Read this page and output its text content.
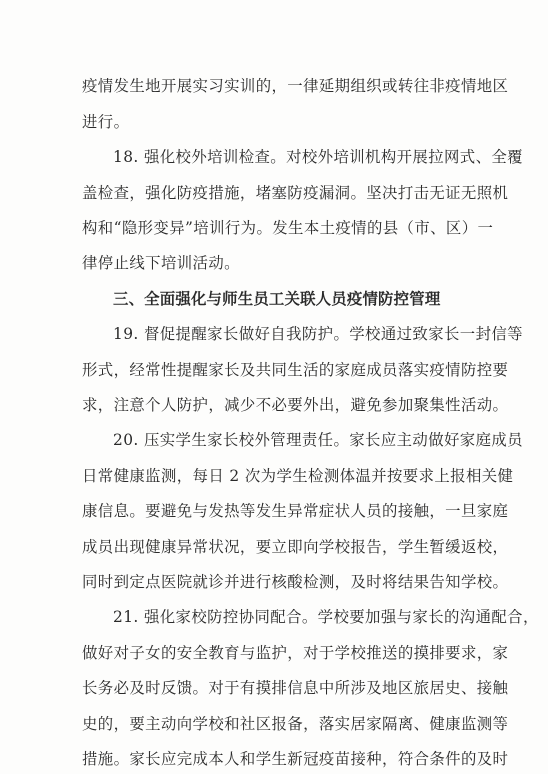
疫情发生地开展实习实训的，一律延期组织或转往非疫情地区
进行。
18. 强化校外培训检查。对校外培训机构开展拉网式、全覆
盖检查，强化防疫措施，堵塞防疫漏洞。坚决打击无证无照机
构和“隐形变异”培训行为。发生本土疫情的县（市、区）一
律停止线下培训活动。
三、全面强化与师生员工关联人员疫情防控管理
19. 督促提醒家长做好自我防护。学校通过致家长一封信等
形式，经常性提醒家长及共同生活的家庭成员落实疫情防控要
求，注意个人防护，减少不必要外出，避免参加聚集性活动。
20. 压实学生家长校外管理责任。家长应主动做好家庭成员
日常健康监测，每日 2 次为学生检测体温并按要求上报相关健
康信息。要避免与发热等发生异常症状人员的接触，一旦家庭
成员出现健康异常状况，要立即向学校报告，学生暂缓返校，
同时到定点医院就诊并进行核酸检测，及时将结果告知学校。
21. 强化家校防控协同配合。学校要加强与家长的沟通配合，
做好对子女的安全教育与监护，对于学校推送的摸排要求，家
长务必及时反馈。对于有摸排信息中所涉及地区旅居史、接触
史的，要主动向学校和社区报备，落实居家隔离、健康监测等
措施。家长应完成本人和学生新冠疫苗接种，符合条件的及时
